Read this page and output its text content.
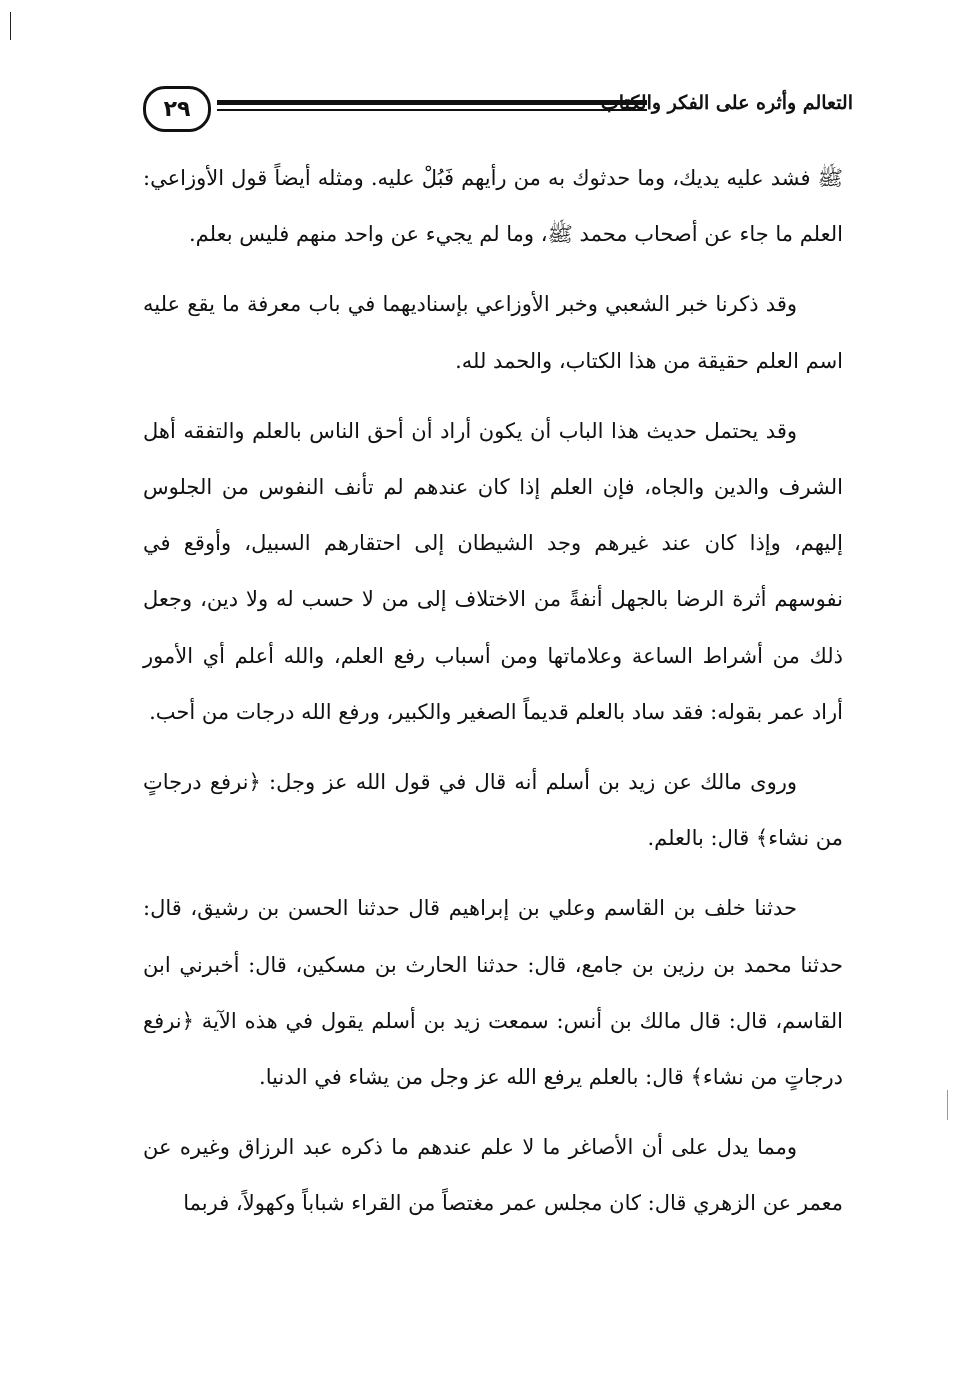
٢٩	التعالم وأثره على الفكر والكتاب

ﷺ فشد عليه يديك، وما حدثوك به من رأيهم فَبُلْ عليه. ومثله أيضاً قول الأوزاعي: العلم ما جاء عن أصحاب محمد ﷺ، وما لم يجيء عن واحد منهم فليس بعلم.

وقد ذكرنا خبر الشعبي وخبر الأوزاعي بإسناديهما في باب معرفة ما يقع عليه اسم العلم حقيقة من هذا الكتاب، والحمد لله.

وقد يحتمل حديث هذا الباب أن يكون أراد أن أحق الناس بالعلم والتفقه أهل الشرف والدين والجاه، فإن العلم إذا كان عندهم لم تأنف النفوس من الجلوس إليهم، وإذا كان عند غيرهم وجد الشيطان إلى احتقارهم السبيل، وأوقع في نفوسهم أثرة الرضا بالجهل أنفةً من الاختلاف إلى من لا حسب له ولا دين، وجعل ذلك من أشراط الساعة وعلاماتها ومن أسباب رفع العلم، والله أعلم أي الأمور أراد عمر بقوله: فقد ساد بالعلم قديماً الصغير والكبير، ورفع الله درجات من أحب.

وروى مالك عن زيد بن أسلم أنه قال في قول الله عز وجل: ﴿نرفع درجاتٍ من نشاء﴾ قال: بالعلم.

حدثنا خلف بن القاسم وعلي بن إبراهيم قال حدثنا الحسن بن رشيق، قال: حدثنا محمد بن رزين بن جامع، قال: حدثنا الحارث بن مسكين، قال: أخبرني ابن القاسم، قال: قال مالك بن أنس: سمعت زيد بن أسلم يقول في هذه الآية ﴿نرفع درجاتٍ من نشاء﴾ قال: بالعلم يرفع الله عز وجل من يشاء في الدنيا.

ومما يدل على أن الأصاغر ما لا علم عندهم ما ذكره عبد الرزاق وغيره عن معمر عن الزهري قال: كان مجلس عمر مغتصاً من القراء شباباً وكهولاً، فربما
